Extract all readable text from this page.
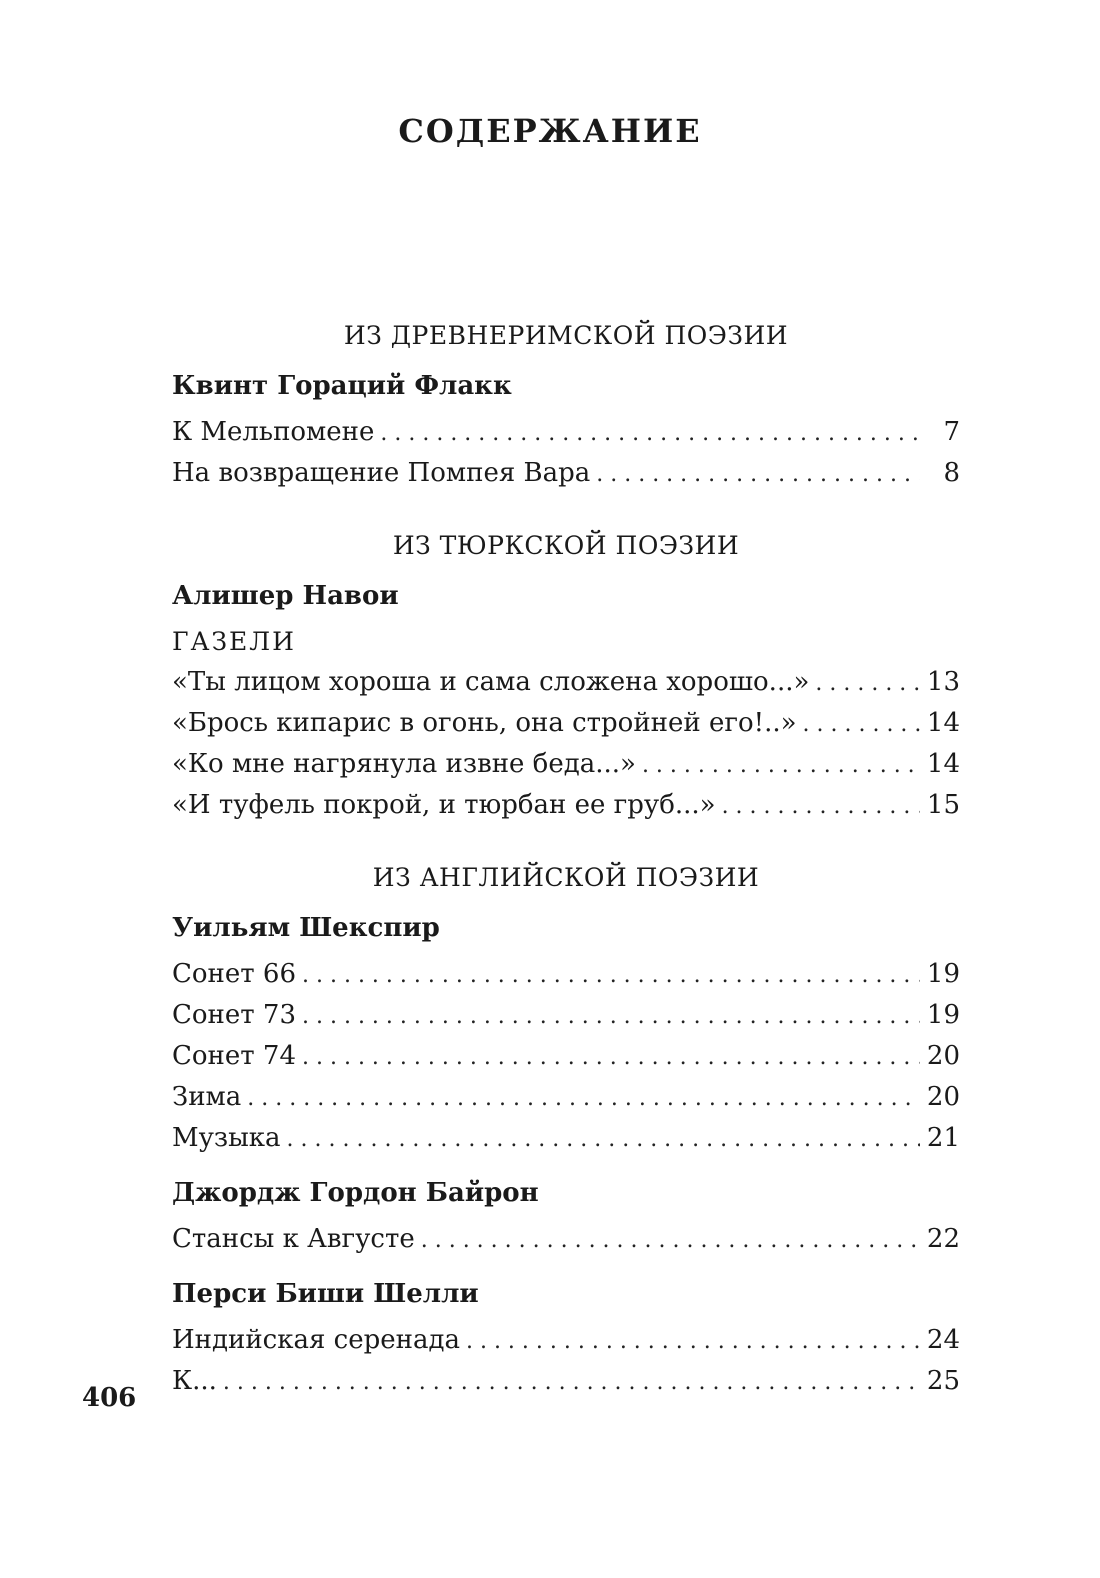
СОДЕРЖАНИЕ
ИЗ ДРЕВНЕРИМСКОЙ ПОЭЗИИ
Квинт Гораций Флакк
К Мельпомене . . .	7
На возвращение Помпея Вара . . .	8
ИЗ ТЮРКСКОЙ ПОЭЗИИ
Алишер Навои
ГАЗЕЛИ
«Ты лицом хороша и сама сложена хорошо...» . . .	13
«Брось кипарис в огонь, она стройней его!..» . . .	14
«Ко мне нагрянула извне беда...» . . .	14
«И туфель покрой, и тюрбан ее груб...» . . .	15
ИЗ АНГЛИЙСКОЙ ПОЭЗИИ
Уильям Шекспир
Сонет 66 . . .	19
Сонет 73 . . .	19
Сонет 74 . . .	20
Зима . . .	20
Музыка . . .	21
Джордж Гордон Байрон
Стансы к Августе . . .	22
Перси Биши Шелли
Индийская серенада . . .	24
К... . . .	25
406
